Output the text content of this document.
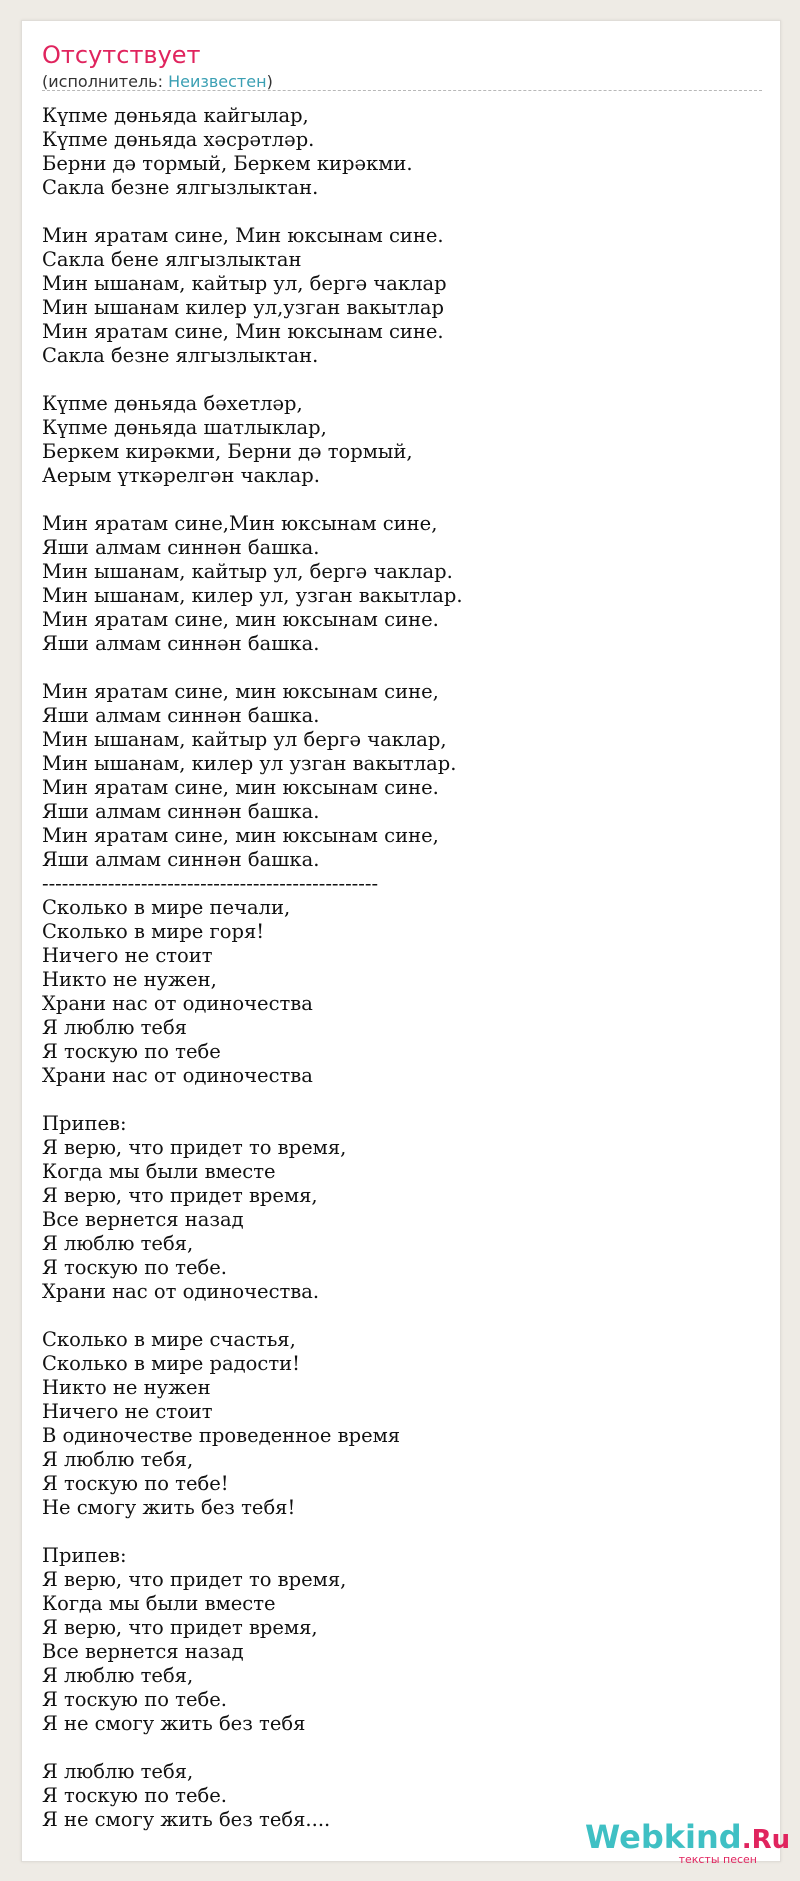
Отсутствует
(исполнитель: Неизвестен)
Күпме дөньяда кайгылар,
Күпме дөньяда хәсрәтләр.
Берни дә тормый, Беркем кирәкми.
Сакла безне ялгызлыктан.
Мин яратам сине, Мин юксынам сине.
Сакла бене ялгызлыктан
Мин ышанам, кайтыр ул, бергә чаклар
Мин ышанам килер ул,узган вакытлар
Мин яратам сине, Мин юксынам сине.
Сакла безне ялгызлыктан.
Күпме дөньяда бәхетләр,
Күпме дөньяда шатлыклар,
Беркем кирәкми, Берни дә тормый,
Аерым үткәрелгән чаклар.
Мин яратам сине,Мин юксынам сине,
Яши алмам синнән башка.
Мин ышанам, кайтыр ул, бергә чаклар.
Мин ышанам, килер ул, узган вакытлар.
Мин яратам сине, мин юксынам сине.
Яши алмам синнән башка.
Мин яратам сине, мин юксынам сине,
Яши алмам синнән башка.
Мин ышанам, кайтыр ул бергә чаклар,
Мин ышанам, килер ул узган вакытлар.
Мин яратам сине, мин юксынам сине.
Яши алмам синнән башка.
Мин яратам сине, мин юксынам сине,
Яши алмам синнән башка.
---------------------------------------------------
Сколько в мире печали,
Сколько в мире горя!
Ничего не стоит
Никто не нужен,
Храни нас от одиночества
Я люблю тебя
Я тоскую по тебе
Храни нас от одиночества
Припев:
Я верю, что придет то время,
Когда мы были вместе
Я верю, что придет время,
Все вернется назад
Я люблю тебя,
Я тоскую по тебе.
Храни нас от одиночества.
Сколько в мире счастья,
Сколько в мире радости!
Никто не нужен
Ничего не стоит
В одиночестве проведенное время
Я люблю тебя,
Я тоскую по тебе!
Не смогу жить без тебя!
Припев:
Я верю, что придет то время,
Когда мы были вместе
Я верю, что придет время,
Все вернется назад
Я люблю тебя,
Я тоскую по тебе.
Я не смогу жить без тебя
Я люблю тебя,
Я тоскую по тебе.
Я не смогу жить без тебя....	Webkind.Ru
тексты песен
